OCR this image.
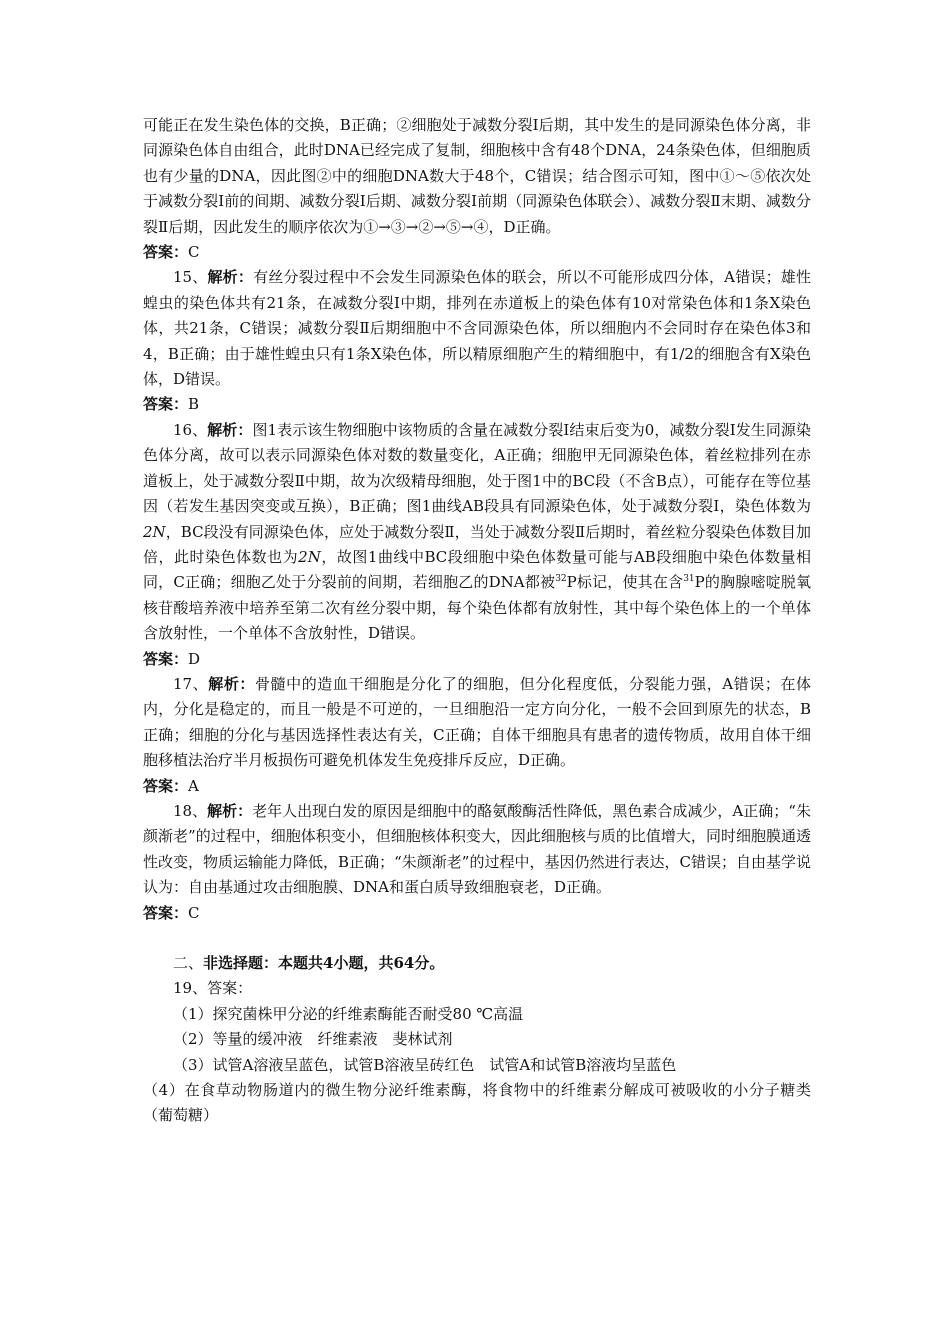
可能正在发生染色体的交换，B正确；②细胞处于减数分裂Ⅰ后期，其中发生的是同源染色体分离，非同源染色体自由组合，此时DNA已经完成了复制，细胞核中含有48个DNA，24条染色体，但细胞质也有少量的DNA，因此图②中的细胞DNA数大于48个，C错误；结合图示可知，图中①～⑤依次处于减数分裂Ⅰ前的间期、减数分裂Ⅰ后期、减数分裂Ⅰ前期（同源染色体联会）、减数分裂Ⅱ末期、减数分裂Ⅱ后期，因此发生的顺序依次为①→③→②→⑤→④，D正确。

答案：C

15、解析：有丝分裂过程中不会发生同源染色体的联会，所以不可能形成四分体，A错误；雄性蝗虫的染色体共有21条，在减数分裂Ⅰ中期，排列在赤道板上的染色体有10对常染色体和1条X染色体，共21条，C错误；减数分裂Ⅱ后期细胞中不含同源染色体，所以细胞内不会同时存在染色体3和4，B正确；由于雄性蝗虫只有1条X染色体，所以精原细胞产生的精细胞中，有1/2的细胞含有X染色体，D错误。

答案：B

16、解析：图1表示该生物细胞中该物质的含量在减数分裂Ⅰ结束后变为0，减数分裂Ⅰ发生同源染色体分离，故可以表示同源染色体对数的数量变化，A正确；细胞甲无同源染色体，着丝粒排列在赤道板上，处于减数分裂Ⅱ中期，故为次级精母细胞，处于图1中的BC段（不含B点），可能存在等位基因（若发生基因突变或互换），B正确；图1曲线AB段具有同源染色体，处于减数分裂Ⅰ，染色体数为2N，BC段没有同源染色体，应处于减数分裂Ⅱ，当处于减数分裂Ⅱ后期时，着丝粒分裂染色体数目加倍，此时染色体数也为2N，故图1曲线中BC段细胞中染色体数量可能与AB段细胞中染色体数量相同，C正确；细胞乙处于分裂前的间期，若细胞乙的DNA都被$^{32}$P标记，使其在含$^{31}$P的胸腺嘧啶脱氧核苷酸培养液中培养至第二次有丝分裂中期，每个染色体都有放射性，其中每个染色体上的一个单体含放射性，一个单体不含放射性，D错误。

答案：D

17、解析：骨髓中的造血干细胞是分化了的细胞，但分化程度低，分裂能力强，A错误；在体内，分化是稳定的，而且一般是不可逆的，一旦细胞沿一定方向分化，一般不会回到原先的状态，B正确；细胞的分化与基因选择性表达有关，C正确；自体干细胞具有患者的遗传物质，故用自体干细胞移植法治疗半月板损伤可避免机体发生免疫排斥反应，D正确。

答案：A

18、解析：老年人出现白发的原因是细胞中的酪氨酸酶活性降低，黑色素合成减少，A正确；“朱颜渐老”的过程中，细胞体积变小，但细胞核体积变大，因此细胞核与质的比值增大，同时细胞膜通透性改变，物质运输能力降低，B正确；“朱颜渐老”的过程中，基因仍然进行表达，C错误；自由基学说认为：自由基通过攻击细胞膜、DNA和蛋白质导致细胞衰老，D正确。

答案：C

二、非选择题：本题共4小题，共64分。

19、答案：

（1）探究菌株甲分泌的纤维素酶能否耐受80 ℃高温

（2）等量的缓冲液　纤维素液　斐林试剂

（3）试管A溶液呈蓝色，试管B溶液呈砖红色　试管A和试管B溶液均呈蓝色

（4）在食草动物肠道内的微生物分泌纤维素酶，将食物中的纤维素分解成可被吸收的小分子糖类（葡萄糖）
